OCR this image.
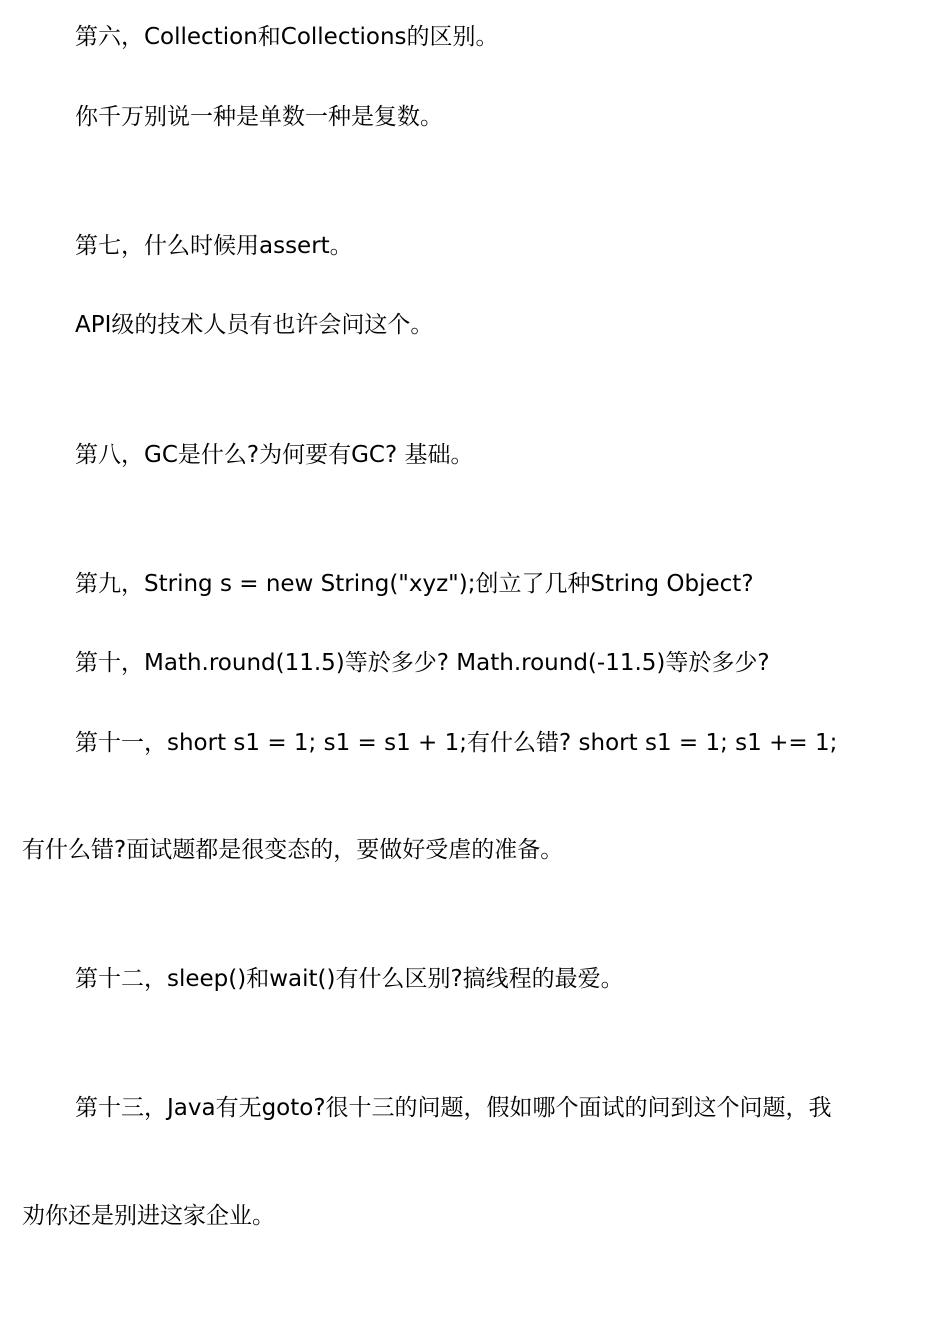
第六，Collection和Collections的区别。
你千万别说一种是单数一种是复数。
第七，什么时候用assert。
API级的技术人员有也许会问这个。
第八，GC是什么?为何要有GC? 基础。
第九，String s = new String("xyz");创立了几种String Object?
第十，Math.round(11.5)等於多少? Math.round(-11.5)等於多少?
第十一，short s1 = 1; s1 = s1 + 1;有什么错? short s1 = 1; s1 += 1;
有什么错?面试题都是很变态的，要做好受虐的准备。
第十二，sleep()和wait()有什么区别?搞线程的最爱。
第十三，Java有无goto?很十三的问题，假如哪个面试的问到这个问题，我
劝你还是别进这家企业。
